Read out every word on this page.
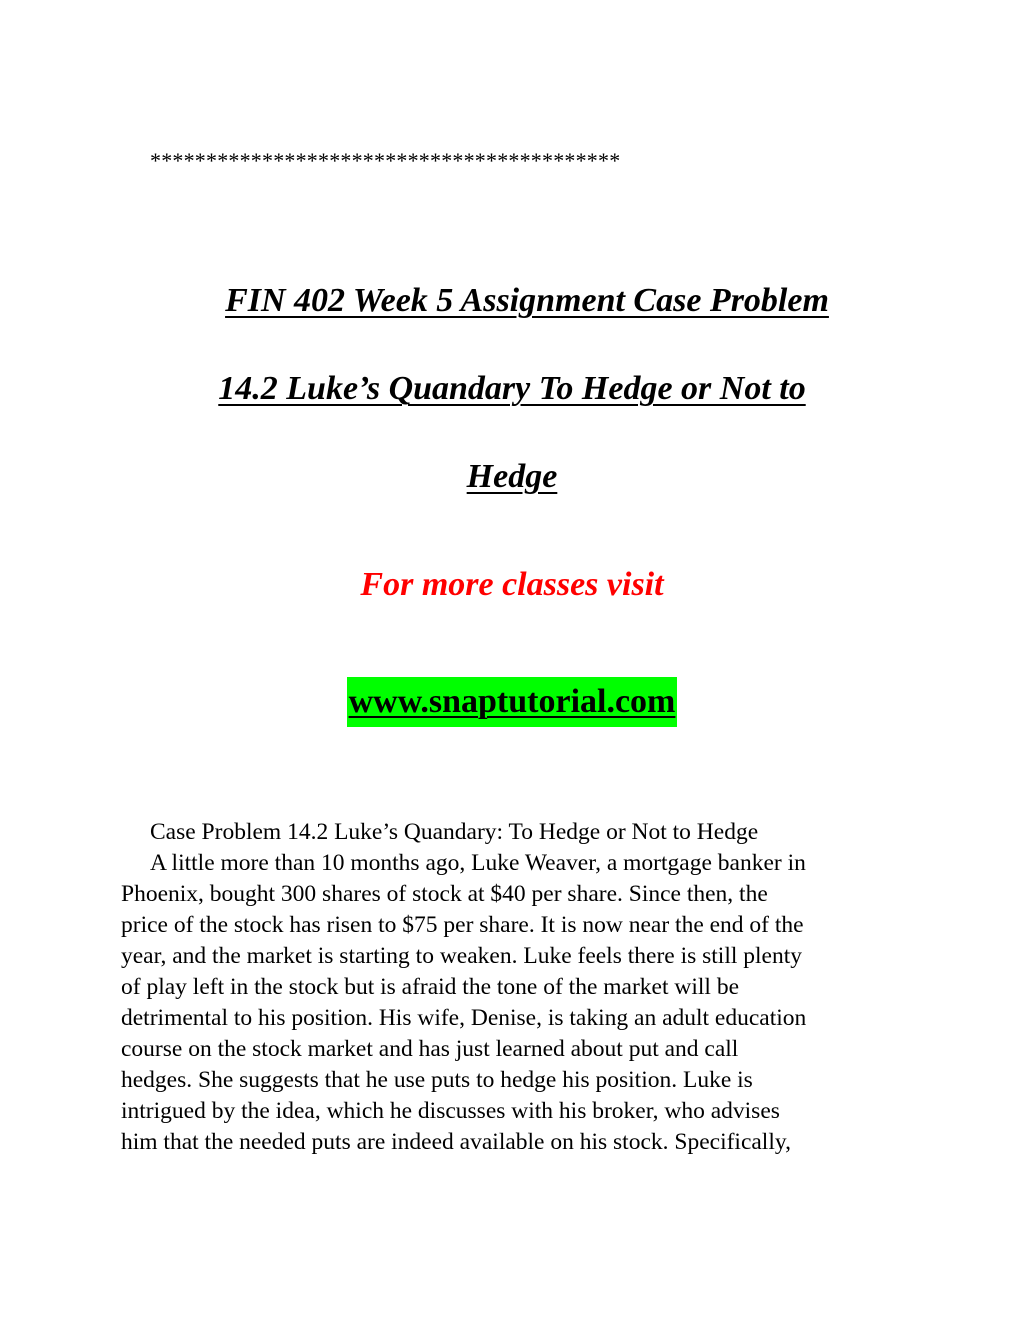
******************************************
FIN 402 Week 5 Assignment Case Problem
14.2 Luke’s Quandary To Hedge or Not to
Hedge
For more classes visit
www.snaptutorial.com
Case Problem 14.2 Luke’s Quandary: To Hedge or Not to Hedge
A little more than 10 months ago, Luke Weaver, a mortgage banker in
Phoenix, bought 300 shares of stock at $40 per share. Since then, the
price of the stock has risen to $75 per share. It is now near the end of the
year, and the market is starting to weaken. Luke feels there is still plenty
of play left in the stock but is afraid the tone of the market will be
detrimental to his position. His wife, Denise, is taking an adult education
course on the stock market and has just learned about put and call
hedges. She suggests that he use puts to hedge his position. Luke is
intrigued by the idea, which he discusses with his broker, who advises
him that the needed puts are indeed available on his stock. Specifically,
